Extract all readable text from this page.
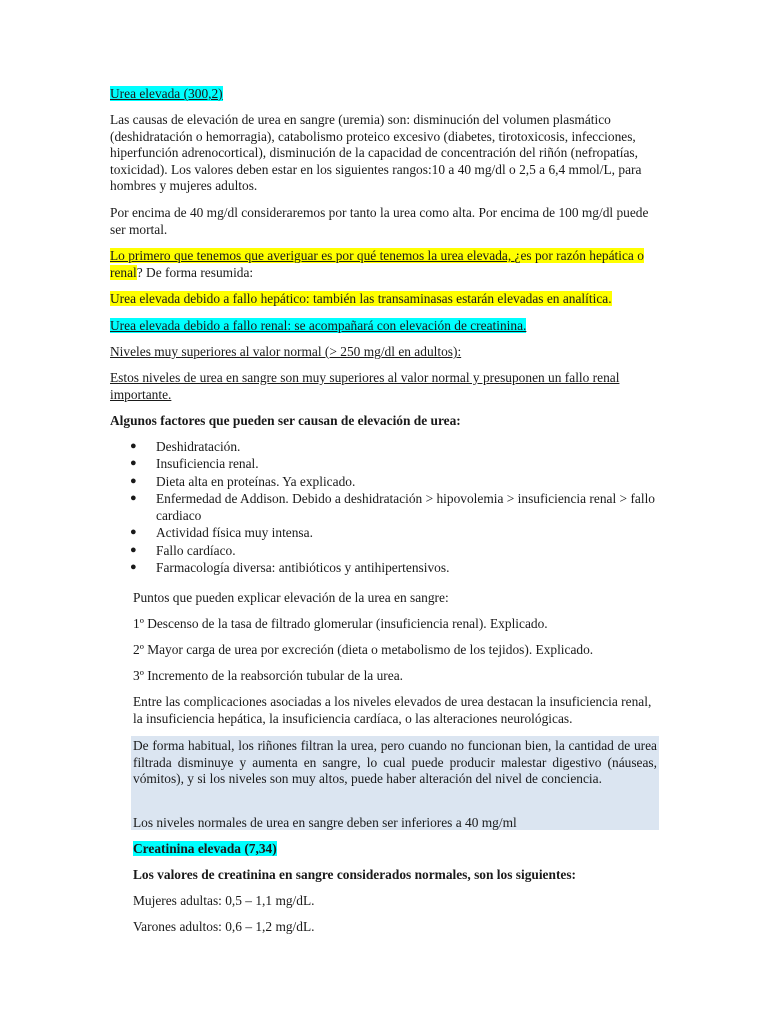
Urea elevada (300,2)

Las causas de elevación de urea en sangre (uremia) son: disminución del volumen plasmático (deshidratación o hemorragia), catabolismo proteico excesivo (diabetes, tirotoxicosis, infecciones, hiperfunción adrenocortical), disminución de la capacidad de concentración del riñón (nefropatías, toxicidad). Los valores deben estar en los siguientes rangos:10 a 40 mg/dl o 2,5 a 6,4 mmol/L, para hombres y mujeres adultos.

Por encima de 40 mg/dl consideraremos por tanto la urea como alta. Por encima de 100 mg/dl puede ser mortal.

Lo primero que tenemos que averiguar es por qué tenemos la urea elevada, ¿es por razón hepática o renal? De forma resumida:

Urea elevada debido a fallo hepático: también las transaminasas estarán elevadas en analítica.

Urea elevada debido a fallo renal: se acompañará con elevación de creatinina.

Niveles muy superiores al valor normal (> 250 mg/dl en adultos):

Estos niveles de urea en sangre son muy superiores al valor normal y presuponen un fallo renal importante.

Algunos factores que pueden ser causan de elevación de urea:

● Deshidratación.
● Insuficiencia renal.
● Dieta alta en proteínas. Ya explicado.
● Enfermedad de Addison. Debido a deshidratación > hipovolemia > insuficiencia renal > fallo cardiaco
● Actividad física muy intensa.
● Fallo cardíaco.
● Farmacología diversa: antibióticos y antihipertensivos.

Puntos que pueden explicar elevación de la urea en sangre:

1º Descenso de la tasa de filtrado glomerular (insuficiencia renal). Explicado.

2º Mayor carga de urea por excreción (dieta o metabolismo de los tejidos). Explicado.

3º Incremento de la reabsorción tubular de la urea.

Entre las complicaciones asociadas a los niveles elevados de urea destacan la insuficiencia renal, la insuficiencia hepática, la insuficiencia cardíaca, o las alteraciones neurológicas.

De forma habitual, los riñones filtran la urea, pero cuando no funcionan bien, la cantidad de urea filtrada disminuye y aumenta en sangre, lo cual puede producir malestar digestivo (náuseas, vómitos), y si los niveles son muy altos, puede haber alteración del nivel de conciencia.

Los niveles normales de urea en sangre deben ser inferiores a 40 mg/ml

Creatinina elevada (7,34)

Los valores de creatinina en sangre considerados normales, son los siguientes:

Mujeres adultas: 0,5 – 1,1 mg/dL.

Varones adultos: 0,6 – 1,2 mg/dL.
